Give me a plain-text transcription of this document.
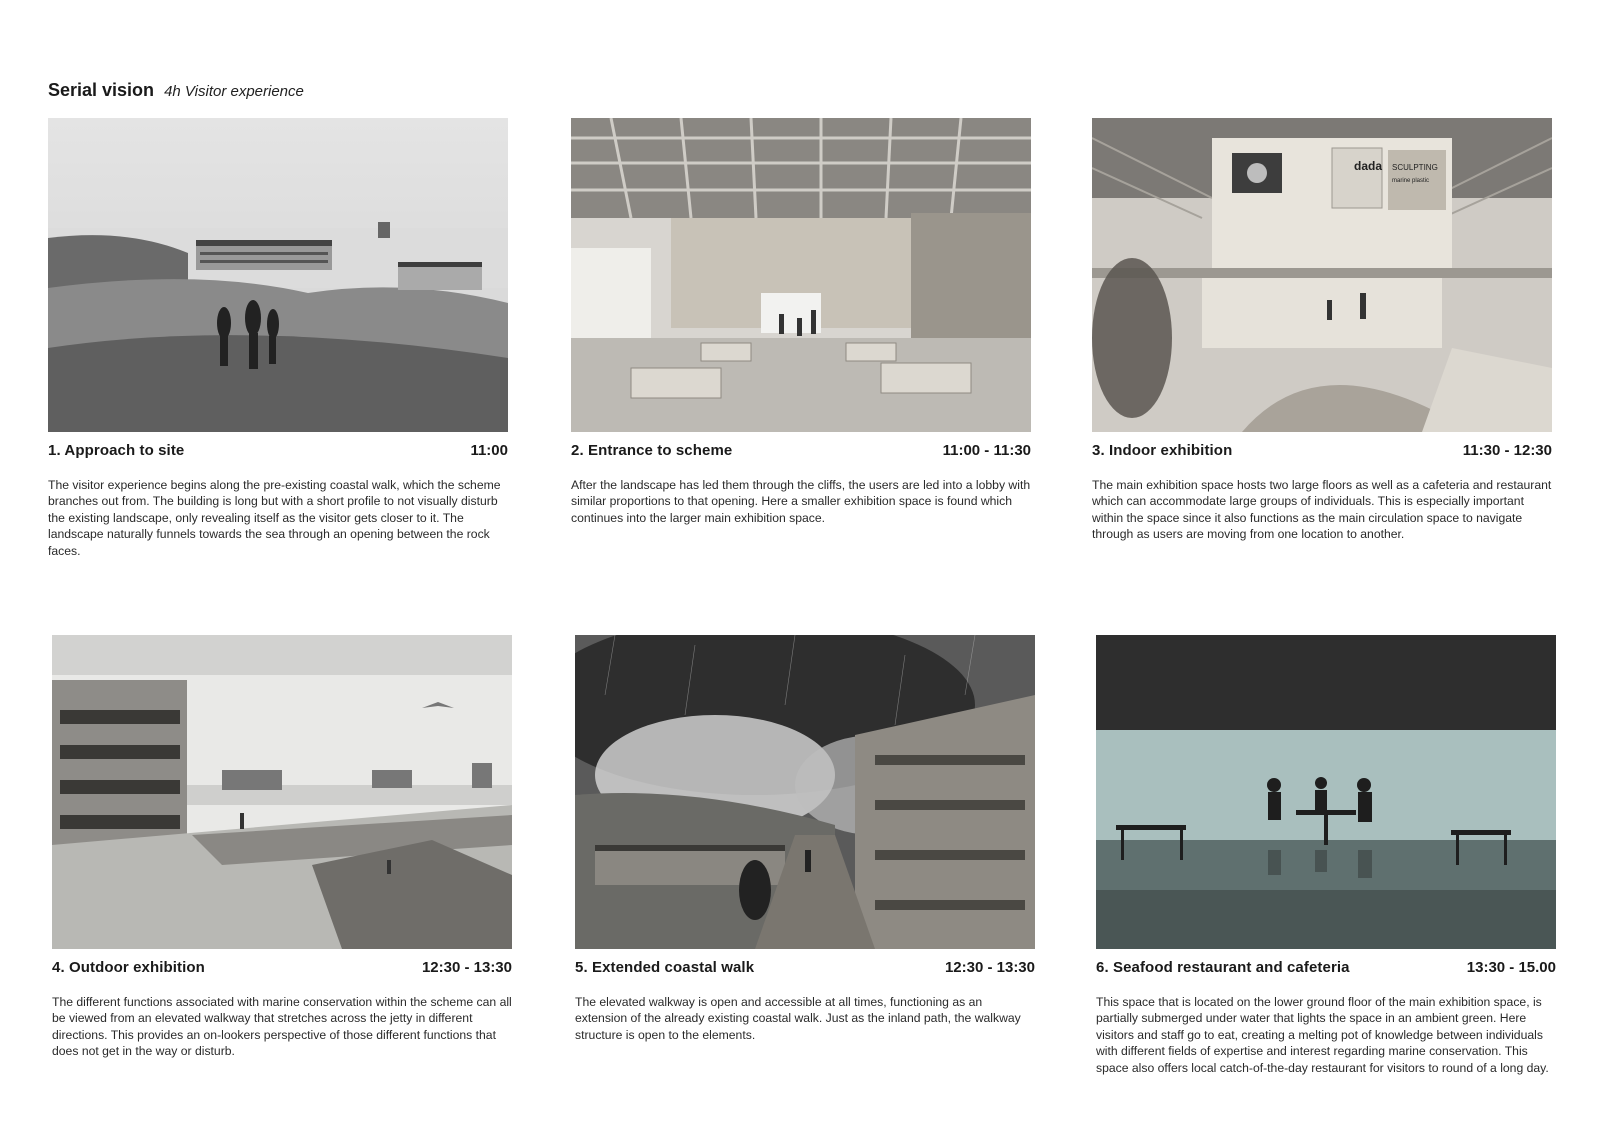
Serial vision 4h Visitor experience
1. Approach to site	11:00
The visitor experience begins along the pre-existing coastal walk, which the scheme branches out from. The building is long but with a short profile to not visually disturb the existing landscape, only revealing itself as the visitor gets closer to it. The landscape naturally funnels towards the sea through an opening between the rock faces.
2. Entrance to scheme	11:00 - 11:30
After the landscape has led them through the cliffs, the users are led into a lobby with similar proportions to that opening. Here a smaller exhibition space is found which continues into the larger main exhibition space.
dada SCULPTING
marine plastic
3. Indoor exhibition	11:30 - 12:30
The main exhibition space hosts two large floors as well as a cafeteria and restaurant which can accommodate large groups of individuals. This is especially important within the space since it also functions as the main circulation space to navigate through as users are moving from one location to another.
4. Outdoor exhibition	12:30 - 13:30
The different functions associated with marine conservation within the scheme can all be viewed from an elevated walkway that stretches across the jetty in different directions. This provides an on-lookers perspective of those different functions that does not get in the way or disturb.
5. Extended coastal walk	12:30 - 13:30
The elevated walkway is open and accessible at all times, functioning as an extension of the already existing coastal walk. Just as the inland path, the walkway structure is open to the elements.
6. Seafood restaurant and cafeteria	13:30 - 15.00
This space that is located on the lower ground floor of the main exhibition space, is partially submerged under water that lights the space in an ambient green. Here visitors and staff go to eat, creating a melting pot of knowledge between individuals with different fields of expertise and interest regarding marine conservation. This space also offers local catch-of-the-day restaurant for visitors to round of a long day.
